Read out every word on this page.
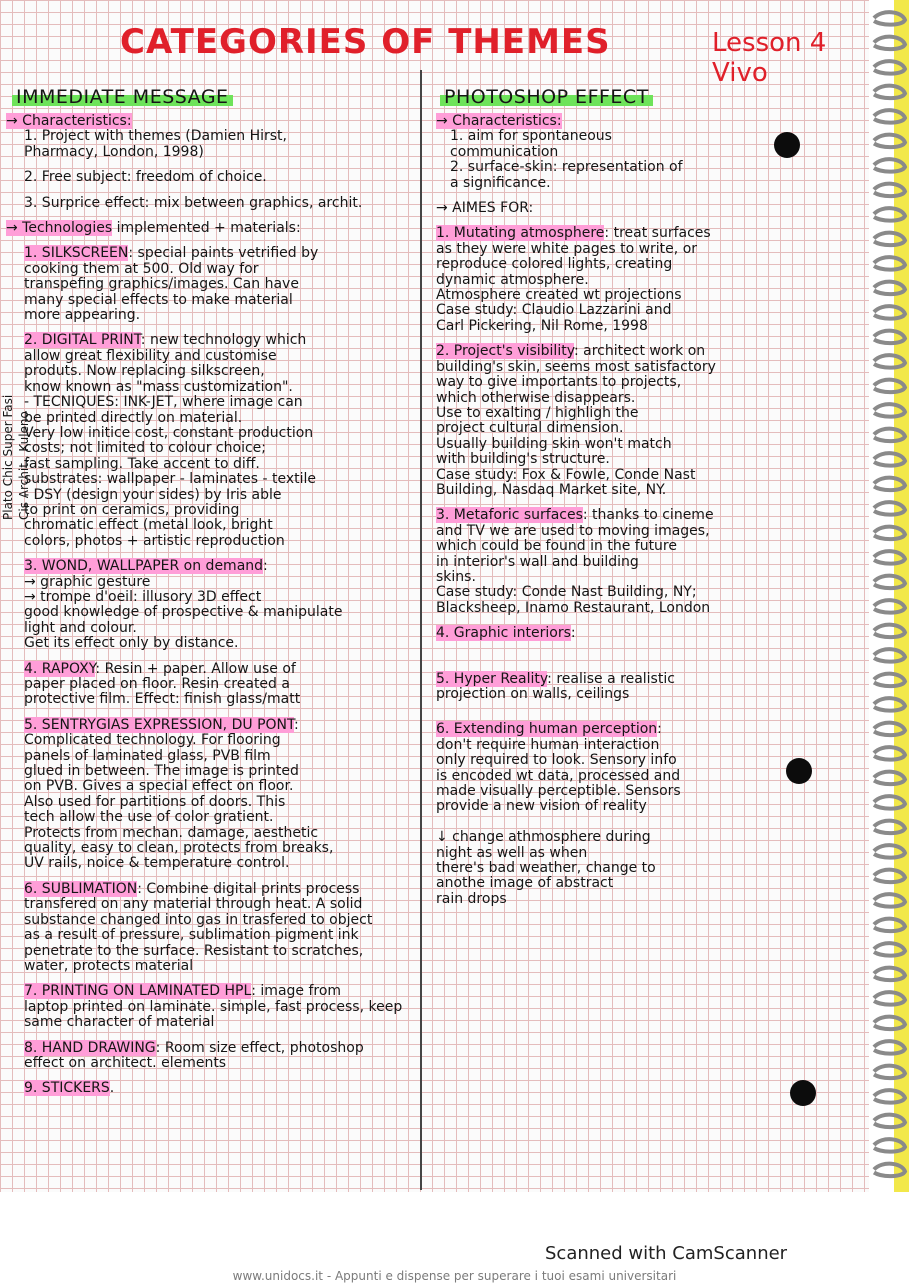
CATEGORIES OF THEMES	Lesson 4 Vivo
IMMEDIATE MESSAGE	PHOTOSHOP EFFECT
Plato Chic Super Fasi Cis Archit., Kuleno

→ Characteristics:

1. Project with themes (Damien Hirst,
Pharmacy, London, 1998)

2. Free subject: freedom of choice.

3. Surprice effect: mix between graphics, archit.

→ Technologies implemented + materials:

1. SILKSCREEN: special paints vetrified by
cooking them at 500. Old way for
transpefing graphics/images. Can have
many special effects to make material
more appearing.

2. DIGITAL PRINT: new technology which
allow great flexibility and customise
produts. Now replacing silkscreen,
know known as "mass customization".
- TECNIQUES: INK-JET, where image can
be printed directly on material.
Very low initice cost, constant production
costs; not limited to colour choice;
fast sampling. Take accent to diff.
substrates: wallpaper - laminates - textile
- DSY (design your sides) by Iris able
to print on ceramics, providing
chromatic effect (metal look, bright
colors, photos + artistic reproduction

3. WOND, WALLPAPER on demand:
→ graphic gesture
→ trompe d'oeil: illusory 3D effect
good knowledge of prospective & manipulate
light and colour.
Get its effect only by distance.

4. RAPOXY: Resin + paper. Allow use of
paper placed on floor. Resin created a
protective film. Effect: finish glass/matt

5. SENTRYGIAS EXPRESSION, DU PONT:
Complicated technology. For flooring
panels of laminated glass, PVB film
glued in between. The image is printed
on PVB. Gives a special effect on floor.
Also used for partitions of doors. This
tech allow the use of color gratient.
Protects from mechan. damage, aesthetic
quality, easy to clean, protects from breaks,
UV rails, noice & temperature control.

6. SUBLIMATION: Combine digital prints process
transfered on any material through heat. A solid
substance changed into gas in trasfered to object
as a result of pressure, sublimation pigment ink
penetrate to the surface. Resistant to scratches,
water, protects material

7. PRINTING ON LAMINATED HPL: image from
laptop printed on laminate. simple, fast process, keep
same character of material

8. HAND DRAWING: Room size effect, photoshop
effect on architect. elements

9. STICKERS.

→ Characteristics:

1. aim for spontaneous
communication

2. surface-skin: representation of
a significance.

→ AIMES FOR:

1. Mutating atmosphere: treat surfaces
as they were white pages to write, or
reproduce colored lights, creating
dynamic atmosphere.
Atmosphere created wt projections
Case study: Claudio Lazzarini and
Carl Pickering, Nil Rome, 1998

2. Project's visibility: architect work on
building's skin, seems most satisfactory
way to give importants to projects,
which otherwise disappears.
Use to exalting / highligh the
project cultural dimension.
Usually building skin won't match
with building's structure.
Case study: Fox & Fowle, Conde Nast
Building, Nasdaq Market site, NY.

3. Metaforic surfaces: thanks to cineme
and TV we are used to moving images,
which could be found in the future
in interior's wall and building
skins.
Case study: Conde Nast Building, NY;
Blacksheep, Inamo Restaurant, London

4. Graphic interiors:

5. Hyper Reality: realise a realistic
projection on walls, ceilings

6. Extending human perception:
don't require human interaction
only required to look. Sensory info
is encoded wt data, processed and
made visually perceptible. Sensors
provide a new vision of reality

↓ change athmosphere during
night as well as when
there's bad weather, change to
anothe image of abstract
rain drops

Scanned with CamScanner
www.unidocs.it - Appunti e dispense per superare i tuoi esami universitari
